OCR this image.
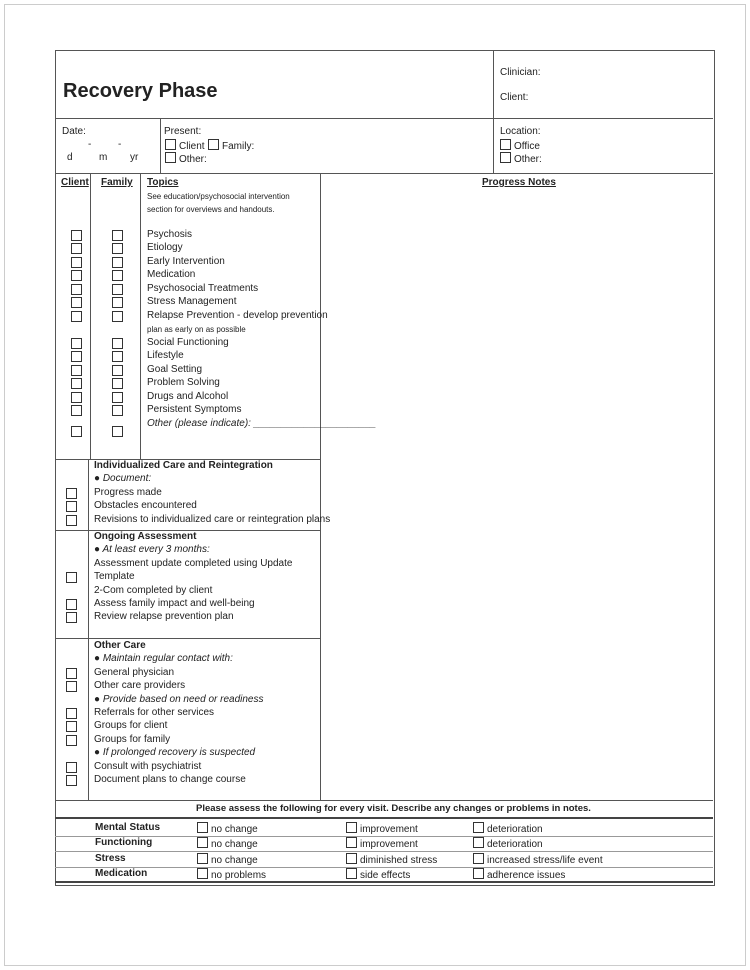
Recovery Phase
Clinician:
Client:
Date:
-	-
d	m yr
Present:
Client	Family:
Other:
Location:
Office
Other:
Client Family Topics	Progress Notes
See education/psychosocial intervention
section for overviews and handouts.
Please assess the following for every visit. Describe any changes or problems in notes.
Psychosis
Etiology
Early Intervention
Medication
Psychosocial Treatments
Stress Management
Relapse Prevention - develop prevention
plan as early on as possible
Social Functioning
Lifestyle
Goal Setting
Problem Solving
Drugs and Alcohol
Persistent Symptoms
Other (please indicate): ______________________
Individualized Care and Reintegration
● Document:
Progress made
Obstacles encountered
Revisions to individualized care or reintegration plans
Ongoing Assessment
● At least every 3 months:
Assessment update completed using Update
Template
2-Com completed by client
Assess family impact and well-being
Review relapse prevention plan
Other Care
● Maintain regular contact with:
General physician
Other care providers
● Provide based on need or readiness
Referrals for other services
Groups for client
Groups for family
● If prolonged recovery is suspected
Consult with psychiatrist
Document plans to change course
Mental Status	no change	improvement	deterioration
Functioning	no change	improvement	deterioration
Stress	no change	diminished stress	increased stress/life event
Medication	no problems	side effects	adherence issues
